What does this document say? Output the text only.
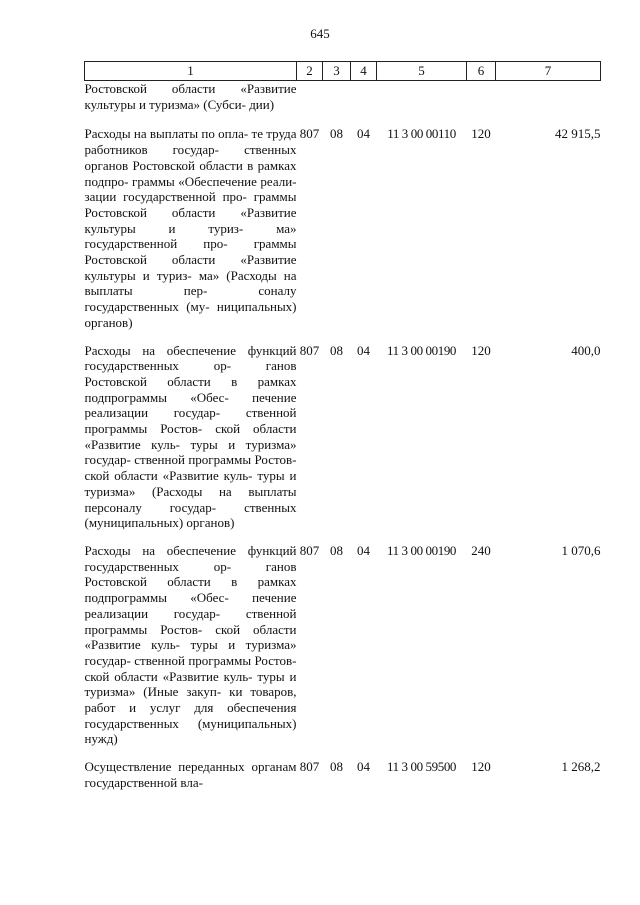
645
1	2	3	4	5	6	7
Ростовской области «Развитие культуры и туризма» (Субси- дии)						
Расходы на выплаты по опла- те труда работников государ- ственных органов Ростовской области в рамках подпро- граммы «Обеспечение реали- зации государственной про- граммы Ростовской области «Развитие культуры и туриз- ма» государственной про- граммы Ростовской области «Развитие культуры и туриз- ма» (Расходы на выплаты пер- соналу государственных (му- ниципальных) органов)	807	08	04	11 3 00 00110	120	42 915,5
Расходы на обеспечение функций государственных ор- ганов Ростовской области в рамках подпрограммы «Обес- печение реализации государ- ственной программы Ростов- ской области «Развитие куль- туры и туризма» государ- ственной программы Ростов- ской области «Развитие куль- туры и туризма» (Расходы на выплаты персоналу государ- ственных (муниципальных) органов)	807	08	04	11 3 00 00190	120	400,0
Расходы на обеспечение функций государственных ор- ганов Ростовской области в рамках подпрограммы «Обес- печение реализации государ- ственной программы Ростов- ской области «Развитие куль- туры и туризма» государ- ственной программы Ростов- ской области «Развитие куль- туры и туризма» (Иные закуп- ки товаров, работ и услуг для обеспечения государственных (муниципальных) нужд)	807	08	04	11 3 00 00190	240	1 070,6
Осуществление переданных органам государственной вла-	807	08	04	11 3 00 59500	120	1 268,2
